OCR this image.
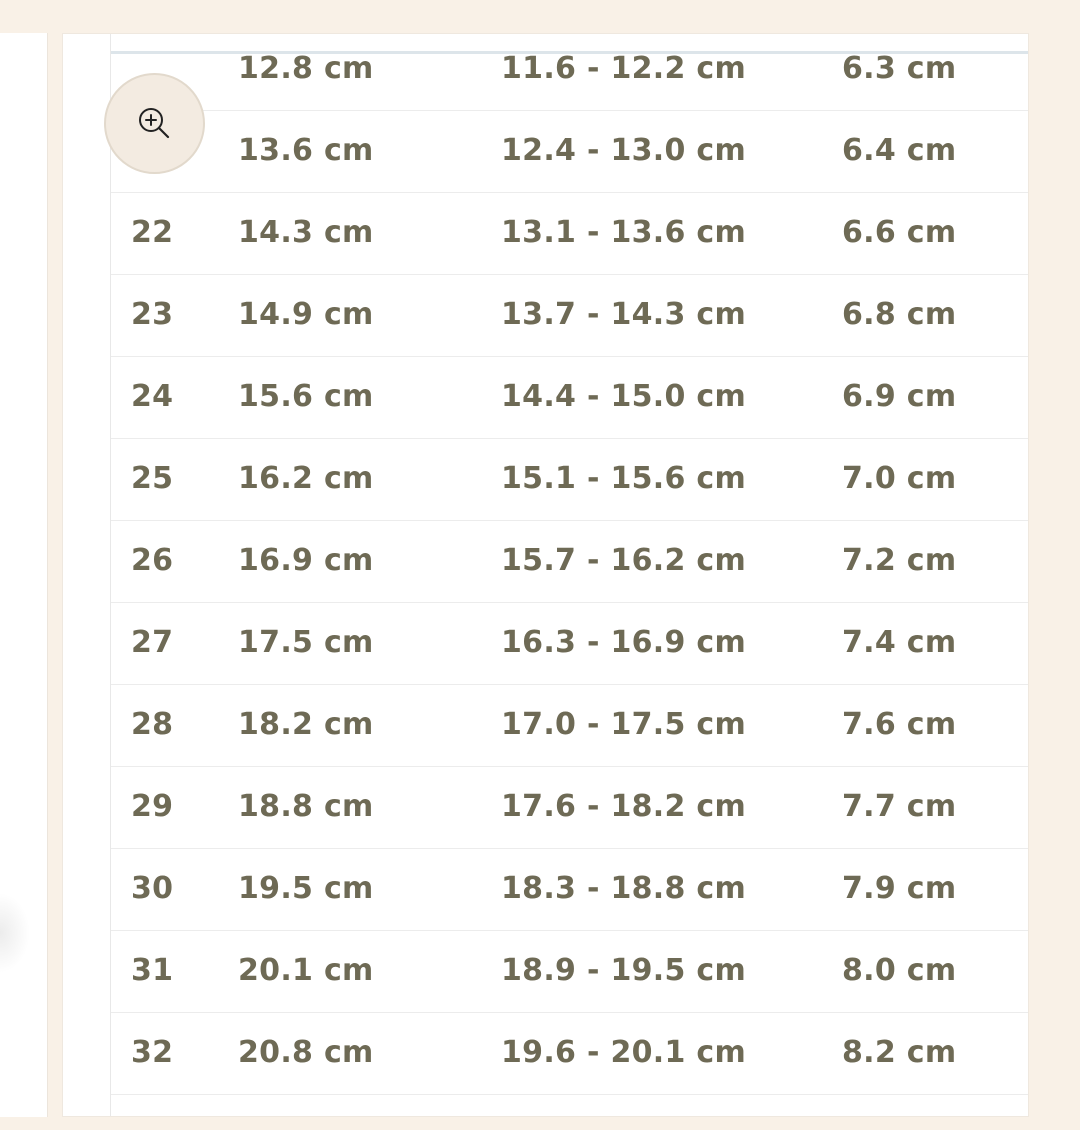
12.8 cm	11.6 - 12.2 cm	6.3 cm
13.6 cm	12.4 - 13.0 cm	6.4 cm
22 14.3 cm	13.1 - 13.6 cm	6.6 cm
23 14.9 cm	13.7 - 14.3 cm	6.8 cm
24 15.6 cm	14.4 - 15.0 cm	6.9 cm
25 16.2 cm	15.1 - 15.6 cm	7.0 cm
26 16.9 cm	15.7 - 16.2 cm	7.2 cm
27 17.5 cm	16.3 - 16.9 cm	7.4 cm
28 18.2 cm	17.0 - 17.5 cm	7.6 cm
29 18.8 cm	17.6 - 18.2 cm	7.7 cm
30 19.5 cm	18.3 - 18.8 cm	7.9 cm
31 20.1 cm	18.9 - 19.5 cm	8.0 cm
32 20.8 cm	19.6 - 20.1 cm	8.2 cm
